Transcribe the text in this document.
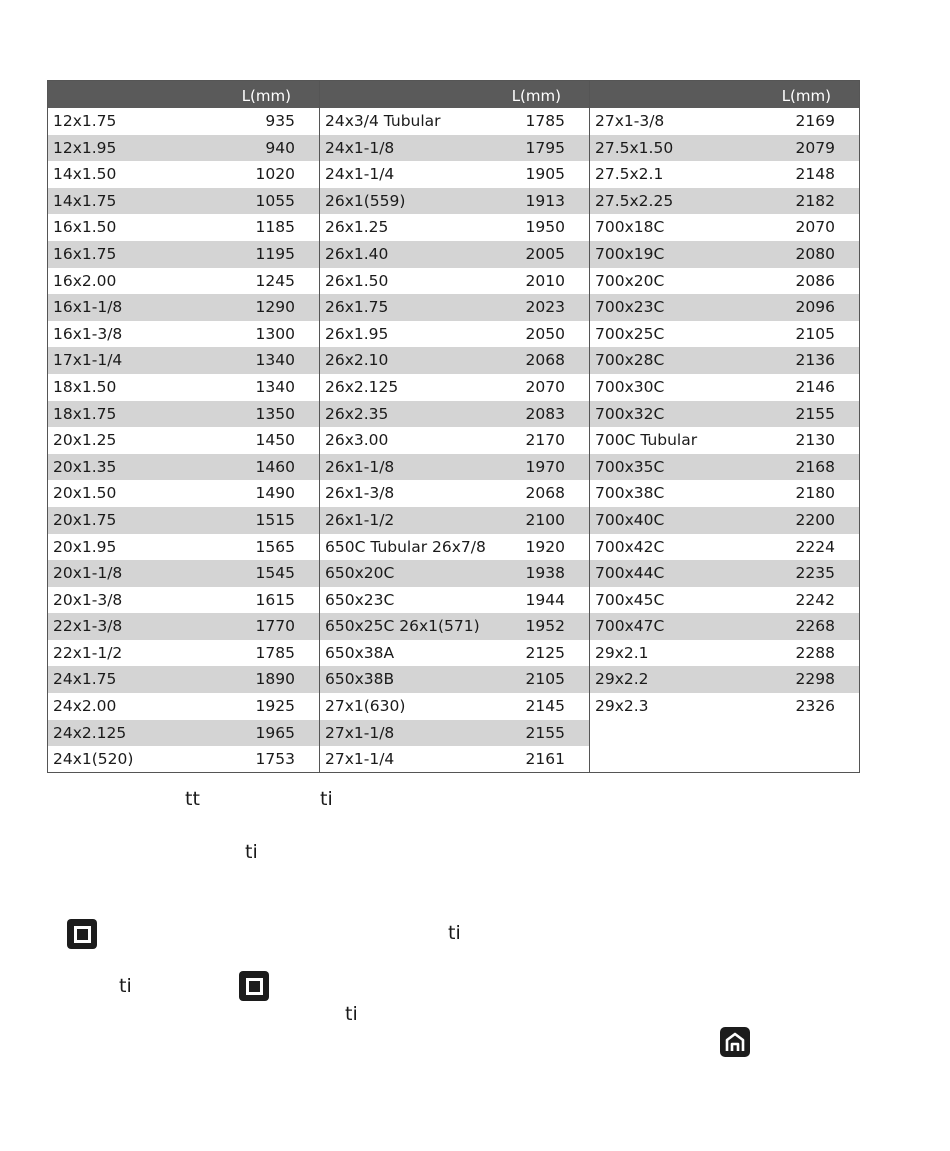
L(mm)
12x1.75	935
12x1.95	940
14x1.50	1020
14x1.75	1055
16x1.50	1185
16x1.75	1195
16x2.00	1245
16x1-1/8	1290
16x1-3/8	1300
17x1-1/4	1340
18x1.50	1340
18x1.75	1350
20x1.25	1450
20x1.35	1460
20x1.50	1490
20x1.75	1515
20x1.95	1565
20x1-1/8	1545
20x1-3/8	1615
22x1-3/8	1770
22x1-1/2	1785
24x1.75	1890
24x2.00	1925
24x2.125	1965
24x1(520)	1753
L(mm)
24x3/4 Tubular	1785
24x1-1/8	1795
24x1-1/4	1905
26x1(559)	1913
26x1.25	1950
26x1.40	2005
26x1.50	2010
26x1.75	2023
26x1.95	2050
26x2.10	2068
26x2.125	2070
26x2.35	2083
26x3.00	2170
26x1-1/8	1970
26x1-3/8	2068
26x1-1/2	2100
650C Tubular 26x7/8	1920
650x20C	1938
650x23C	1944
650x25C 26x1(571)	1952
650x38A	2125
650x38B	2105
27x1(630)	2145
27x1-1/8	2155
27x1-1/4	2161
L(mm)
27x1-3/8	2169
27.5x1.50	2079
27.5x2.1	2148
27.5x2.25	2182
700x18C	2070
700x19C	2080
700x20C	2086
700x23C	2096
700x25C	2105
700x28C	2136
700x30C	2146
700x32C	2155
700C Tubular	2130
700x35C	2168
700x38C	2180
700x40C	2200
700x42C	2224
700x44C	2235
700x45C	2242
700x47C	2268
29x2.1	2288
29x2.2	2298
29x2.3	2326
tt	ti
ti
ti
ti
ti
